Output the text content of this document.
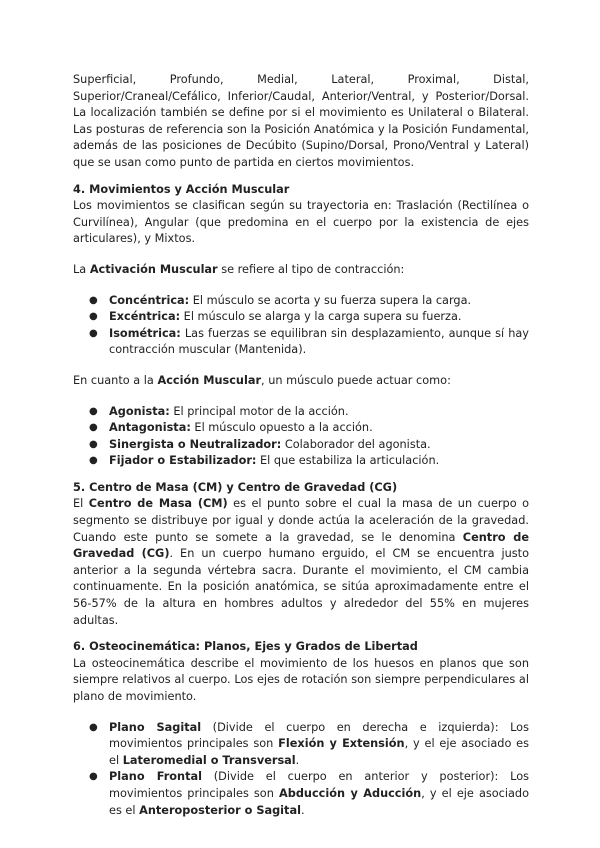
Superficial, Profundo, Medial, Lateral, Proximal, Distal, Superior/Craneal/Cefálico, Inferior/Caudal, Anterior/Ventral, y Posterior/Dorsal. La localización también se define por si el movimiento es Unilateral o Bilateral. Las posturas de referencia son la Posición Anatómica y la Posición Fundamental, además de las posiciones de Decúbito (Supino/Dorsal, Prono/Ventral y Lateral) que se usan como punto de partida en ciertos movimientos.

4. Movimientos y Acción Muscular

Los movimientos se clasifican según su trayectoria en: Traslación (Rectilínea o Curvilínea), Angular (que predomina en el cuerpo por la existencia de ejes articulares), y Mixtos.

La Activación Muscular se refiere al tipo de contracción:

● Concéntrica: El músculo se acorta y su fuerza supera la carga.
● Excéntrica: El músculo se alarga y la carga supera su fuerza.
● Isométrica: Las fuerzas se equilibran sin desplazamiento, aunque sí hay contracción muscular (Mantenida).

En cuanto a la Acción Muscular, un músculo puede actuar como:

● Agonista: El principal motor de la acción.
● Antagonista: El músculo opuesto a la acción.
● Sinergista o Neutralizador: Colaborador del agonista.
● Fijador o Estabilizador: El que estabiliza la articulación.
5. Centro de Masa (CM) y Centro de Gravedad (CG)

El Centro de Masa (CM) es el punto sobre el cual la masa de un cuerpo o segmento se distribuye por igual y donde actúa la aceleración de la gravedad. Cuando este punto se somete a la gravedad, se le denomina Centro de Gravedad (CG). En un cuerpo humano erguido, el CM se encuentra justo anterior a la segunda vértebra sacra. Durante el movimiento, el CM cambia continuamente. En la posición anatómica, se sitúa aproximadamente entre el 56-57% de la altura en hombres adultos y alrededor del 55% en mujeres adultas.

6. Osteocinemática: Planos, Ejes y Grados de Libertad

La osteocinemática describe el movimiento de los huesos en planos que son siempre relativos al cuerpo. Los ejes de rotación son siempre perpendiculares al plano de movimiento.

● Plano Sagital (Divide el cuerpo en derecha e izquierda): Los movimientos principales son Flexión y Extensión, y el eje asociado es el Lateromedial o Transversal.
● Plano Frontal (Divide el cuerpo en anterior y posterior): Los movimientos principales son Abducción y Aducción, y el eje asociado es el Anteroposterior o Sagital.
